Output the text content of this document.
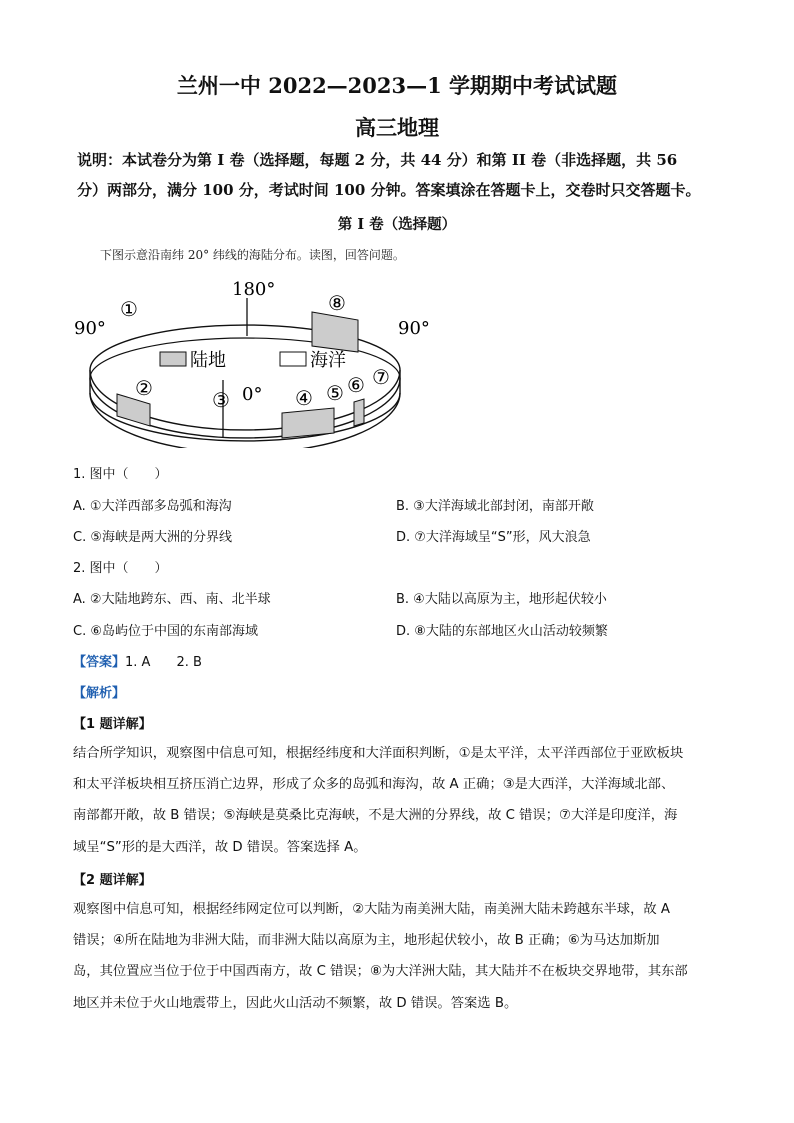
兰州一中 2022—2023—1 学期期中考试试题
高三地理
说明：本试卷分为第 I 卷（选择题，每题 2 分，共 44 分）和第 II 卷（非选择题，共 56
分）两部分，满分 100 分，考试时间 100 分钟。答案填涂在答题卡上，交卷时只交答题卡。
第 I 卷（选择题）
下图示意沿南纬 20° 纬线的海陆分布。读图，回答问题。
陆地	海洋
180°
90°	90°
0°
①
②	③	④ ⑤ ⑥ ⑦
⑧
1. 图中（　　）
A. ①大洋西部多岛弧和海沟	B. ③大洋海域北部封闭，南部开敞
C. ⑤海峡是两大洲的分界线	D. ⑦大洋海域呈“S”形，风大浪急
2. 图中（　　）
A. ②大陆地跨东、西、南、北半球	B. ④大陆以高原为主，地形起伏较小
C. ⑥岛屿位于中国的东南部海域	D. ⑧大陆的东部地区火山活动较频繁
【答案】1. A　　2. B
【解析】
【1 题详解】
结合所学知识，观察图中信息可知，根据经纬度和大洋面积判断，①是太平洋，太平洋西部位于亚欧板块
和太平洋板块相互挤压消亡边界，形成了众多的岛弧和海沟，故 A 正确；③是大西洋，大洋海域北部、
南部都开敞，故 B 错误；⑤海峡是莫桑比克海峡，不是大洲的分界线，故 C 错误；⑦大洋是印度洋，海
域呈“S”形的是大西洋，故 D 错误。答案选择 A。
【2 题详解】
观察图中信息可知，根据经纬网定位可以判断，②大陆为南美洲大陆，南美洲大陆未跨越东半球，故 A
错误；④所在陆地为非洲大陆，而非洲大陆以高原为主，地形起伏较小，故 B 正确；⑥为马达加斯加
岛，其位置应当位于位于中国西南方，故 C 错误；⑧为大洋洲大陆，其大陆并不在板块交界地带，其东部
地区并未位于火山地震带上，因此火山活动不频繁，故 D 错误。答案选 B。
